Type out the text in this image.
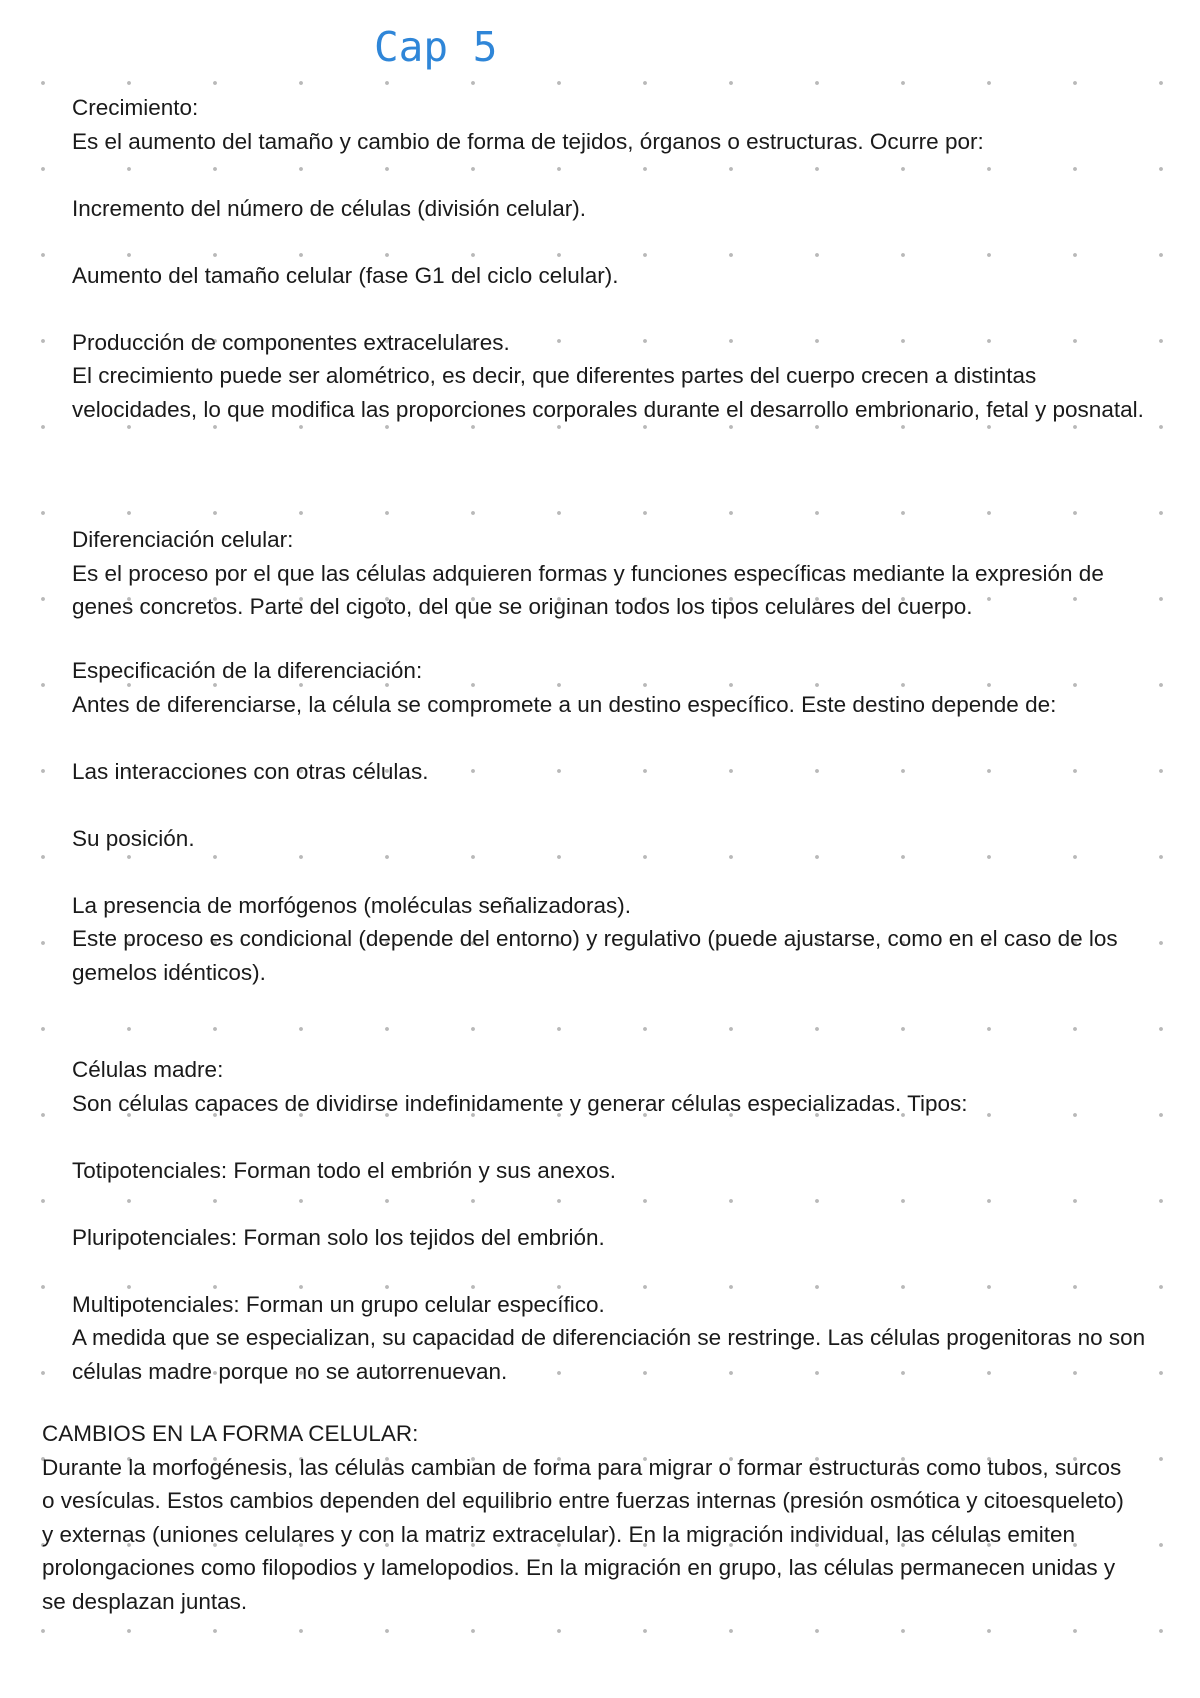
Cap 5

Crecimiento:

Es el aumento del tamaño y cambio de forma de tejidos, órganos o estructuras. Ocurre por:

Incremento del número de células (división celular).

Aumento del tamaño celular (fase G1 del ciclo celular).

Producción de componentes extracelulares.

El crecimiento puede ser alométrico, es decir, que diferentes partes del cuerpo crecen a distintas velocidades, lo que modifica las proporciones corporales durante el desarrollo embrionario, fetal y posnatal.

Diferenciación celular:

Es el proceso por el que las células adquieren formas y funciones específicas mediante la expresión de genes concretos. Parte del cigoto, del que se originan todos los tipos celulares del cuerpo.

Especificación de la diferenciación:

Antes de diferenciarse, la célula se compromete a un destino específico. Este destino depende de:

Las interacciones con otras células.

Su posición.

La presencia de morfógenos (moléculas señalizadoras).

Este proceso es condicional (depende del entorno) y regulativo (puede ajustarse, como en el caso de los gemelos idénticos).

Células madre:

Son células capaces de dividirse indefinidamente y generar células especializadas. Tipos:

Totipotenciales: Forman todo el embrión y sus anexos.

Pluripotenciales: Forman solo los tejidos del embrión.

Multipotenciales: Forman un grupo celular específico.

A medida que se especializan, su capacidad de diferenciación se restringe. Las células progenitoras no son células madre porque no se autorrenuevan.

CAMBIOS EN LA FORMA CELULAR:

Durante la morfogénesis, las células cambian de forma para migrar o formar estructuras como tubos, surcos o vesículas. Estos cambios dependen del equilibrio entre fuerzas internas (presión osmótica y citoesqueleto) y externas (uniones celulares y con la matriz extracelular). En la migración individual, las células emiten prolongaciones como filopodios y lamelopodios. En la migración en grupo, las células permanecen unidas y se desplazan juntas.
